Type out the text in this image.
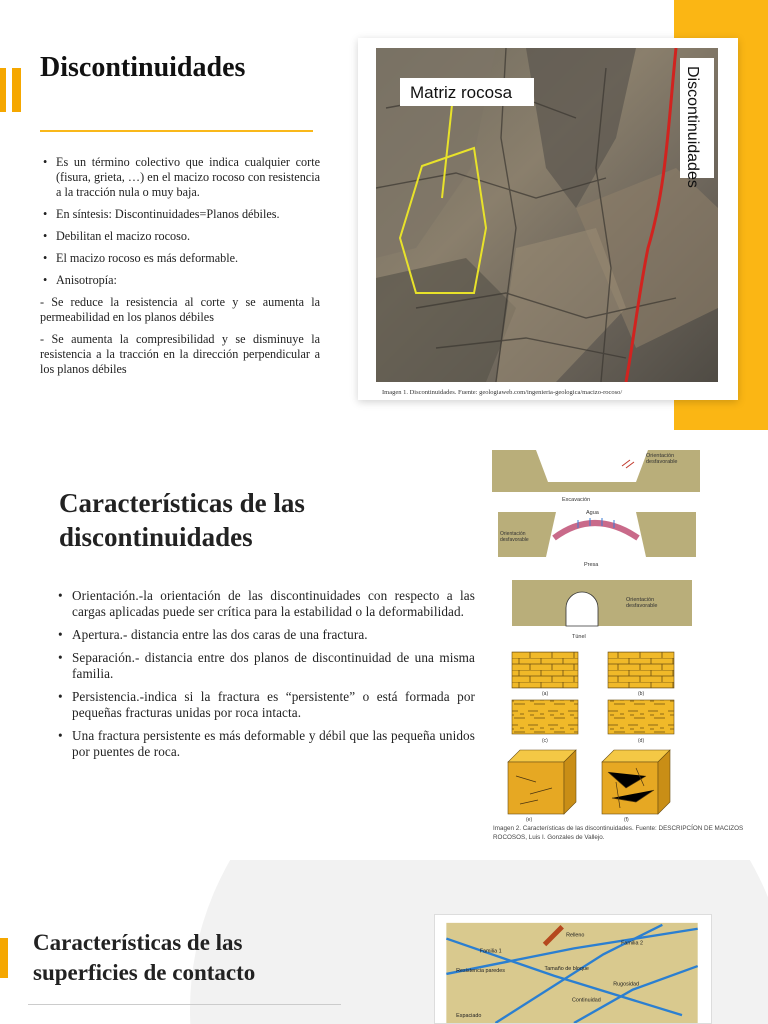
Discontinuidades
• Es un término colectivo que indica cualquier corte (fisura, grieta, …) en el macizo rocoso con resistencia a la tracción nula o muy baja.
• En síntesis: Discontinuidades=Planos débiles.
• Debilitan el macizo rocoso.
• El macizo rocoso es más deformable.
• Anisotropía:

- Se reduce la resistencia al corte y se aumenta la permeabilidad en los planos débiles

- Se aumenta la compresibilidad y se disminuye la resistencia a la tracción en la dirección perpendicular a los planos débiles

Matriz rocosa	Discontinuidades
Imagen 1. Discontinuidades. Fuente: geologiaweb.com/ingenieria-geologica/macizo-rocoso/
Características de las
discontinuidades
• Orientación.-la orientación de las discontinuidades con respecto a las cargas aplicadas puede ser crítica para la estabilidad o la deformabilidad.
• Apertura.- distancia entre las dos caras de una fractura.
• Separación.- distancia entre dos planos de discontinuidad de una misma familia.
• Persistencia.-indica si la fractura es “persistente” o está formada por pequeñas fracturas unidas por roca intacta.
• Una fractura persistente es más deformable y débil que las pequeña unidos por puentes de roca.
Orientación
desfavorable
Excavación
Agua
Orientación
desfavorable
Presa
Orientación
desfavorable
Túnel
(a)	(b)
(c)	(d)
(e)	(f)
Imagen 2. Características de las discontinuidades. Fuente: DESCRIPCÍON DE MACIZOS ROCOSOS, Luis I. Gonzales de Vallejo.
Características de las
superficies de contacto
Relleno
Familia 1
Familia 2
Resistencia paredes	Tamaño de bloque
Rugosidad
Continuidad
Espaciado
